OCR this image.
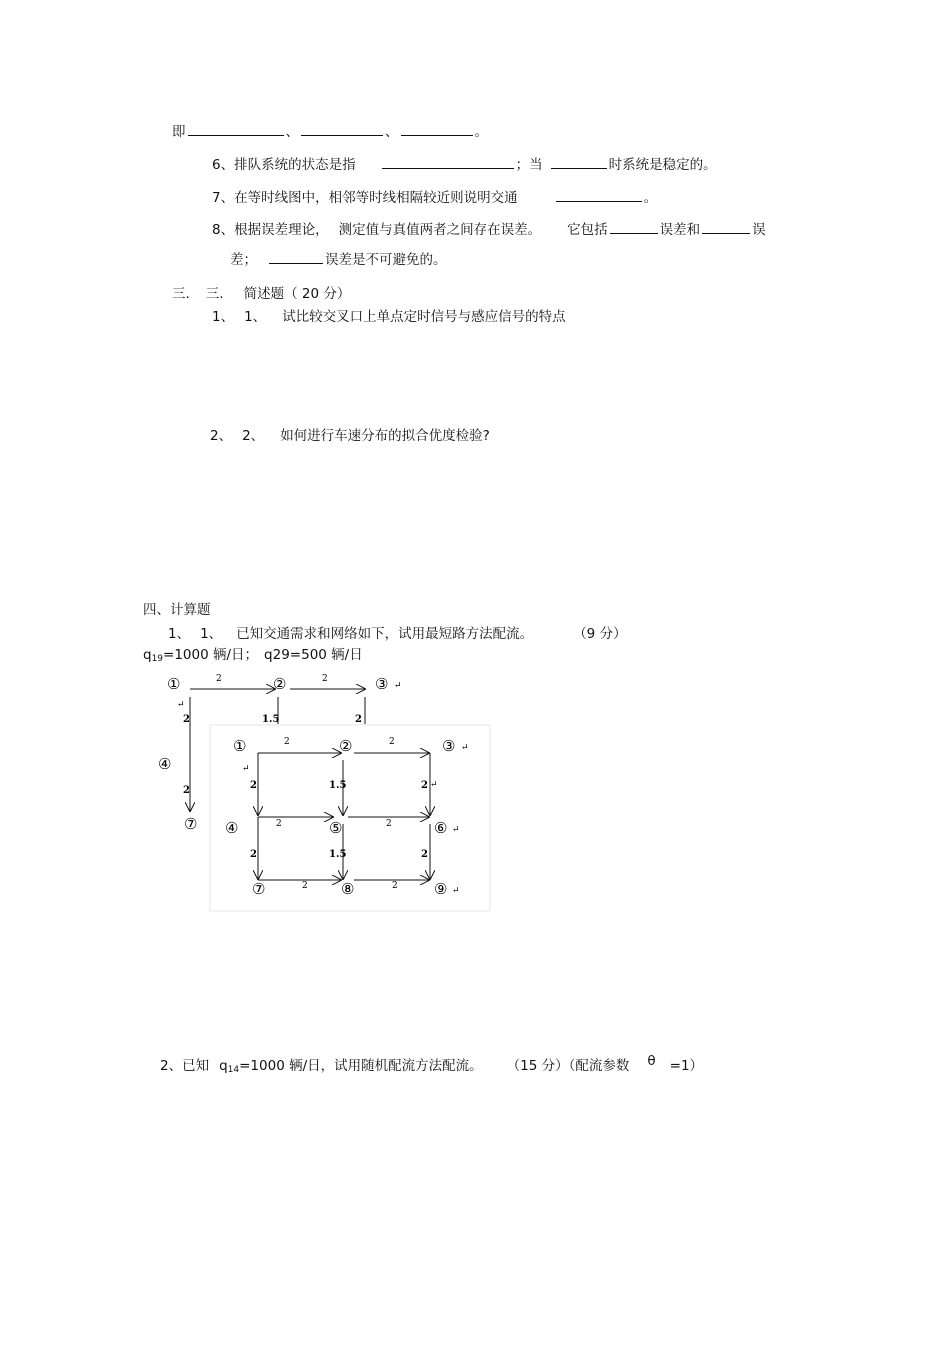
即	、	、	。
6、排队系统的状态是指	；当	时系统是稳定的。
7、在等时线图中，相邻等时线相隔较近则说明交通	。
8、根据误差理论， 测定值与真值两者之间存在误差。 它包括	误差和	误
差；	误差是不可避免的。
三. 三. 简述题（ 20 分）
1、 1、 试比较交叉口上单点定时信号与感应信号的特点
2、 2、 如何进行车速分布的拟合优度检验?
四、计算题
1、 1、 已知交通需求和网络如下，试用最短路方法配流。	（9 分）
$q_{19}=1000$ 辆/日； q29=500 辆/日
①	②	③ ↵
④
⑦
2	2
2
↵
1.5	2
2
①	②	③ ↵
↵
④	⑤	⑥ ↵
⑦	⑧	⑨ ↵
2	2
2	1.5	2 ↵
2	2
2	1.5	2
2	2
2、已知 $q_{14}=1000$ 辆/日，试用随机配流方法配流。 （15 分）（配流参数 θ =1）
